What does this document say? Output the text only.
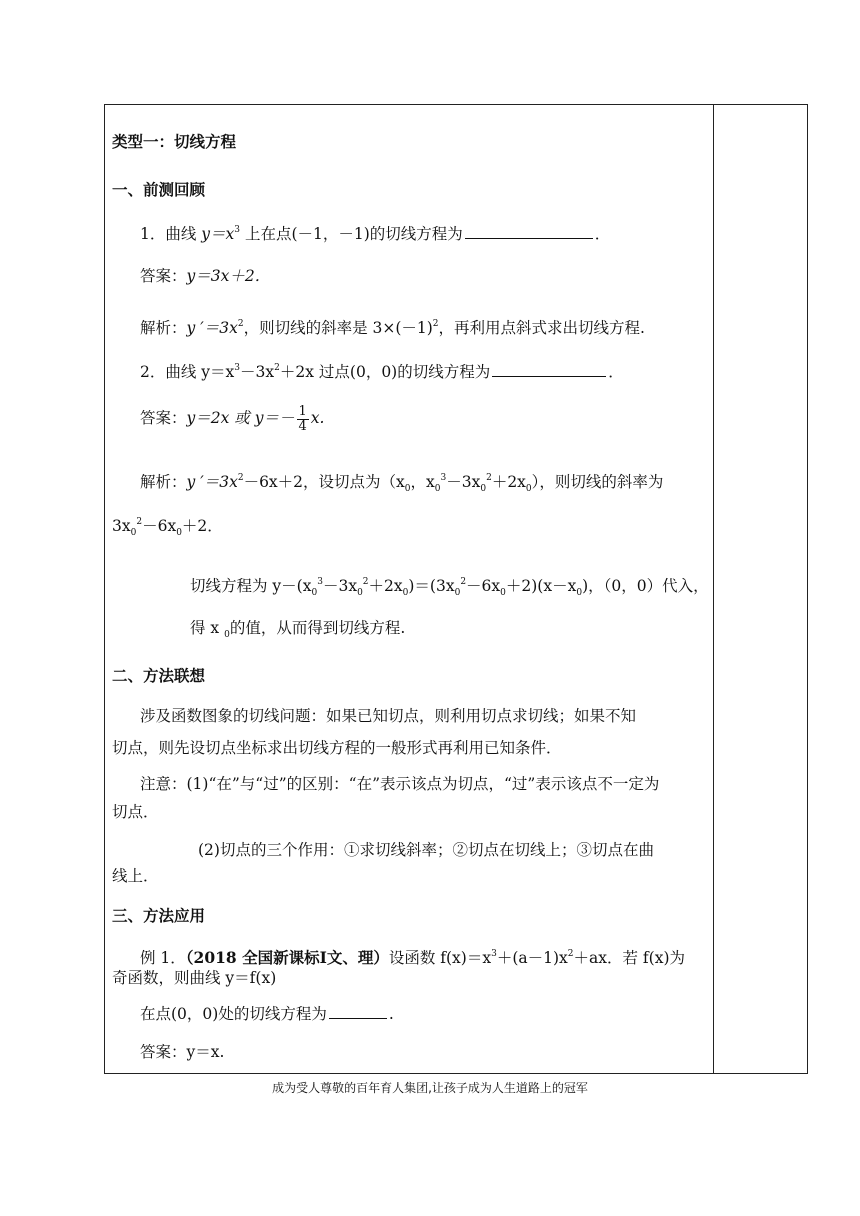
类型一：切线方程
一、前测回顾
1．曲线 $y=x^3$ 上在点(－1，－1)的切线方程为	．
答案：y＝3x＋2．
解析：y $'=3x^2$，则切线的斜率是 $3\times(-1)^2$，再利用点斜式求出切线方程.
2．曲线 $y=x^3-3x^2+2x$ 过点(0，0)的切线方程为	．
答案：y＝2x 或 $y=- \frac{1}{4} x$.
解析：y $'=3x^2-6x+2$，设切点为（$x_0$，$x_0^3-3x_0^2+2x_0$），则切线的斜率为
$3x_0^2-6x_0+2$．
切线方程为 $y-(x_0^3-3x_0^2+2x_0)=(3x_0^2-6x_0+2)(x-x_0)$，（0，0）代入，
得 x $_0$的值，从而得到切线方程.
二、方法联想
涉及函数图象的切线问题：如果已知切点，则利用切点求切线；如果不知
切点，则先设切点坐标求出切线方程的一般形式再利用已知条件．
注意：(1)“在”与“过”的区别：“在”表示该点为切点，“过”表示该点不一定为
切点．
(2)切点的三个作用：①求切线斜率；②切点在切线上；③切点在曲
线上．
三、方法应用
例 1．（2018 全国新课标I文、理）设函数 $f(x)=x^3+(a-1)x^2+ax$．若 f(x)为
奇函数，则曲线 y＝f(x)
在点(0，0)处的切线方程为	.
答案：y＝x.
成为受人尊敬的百年育人集团,让孩子成为人生道路上的冠军
